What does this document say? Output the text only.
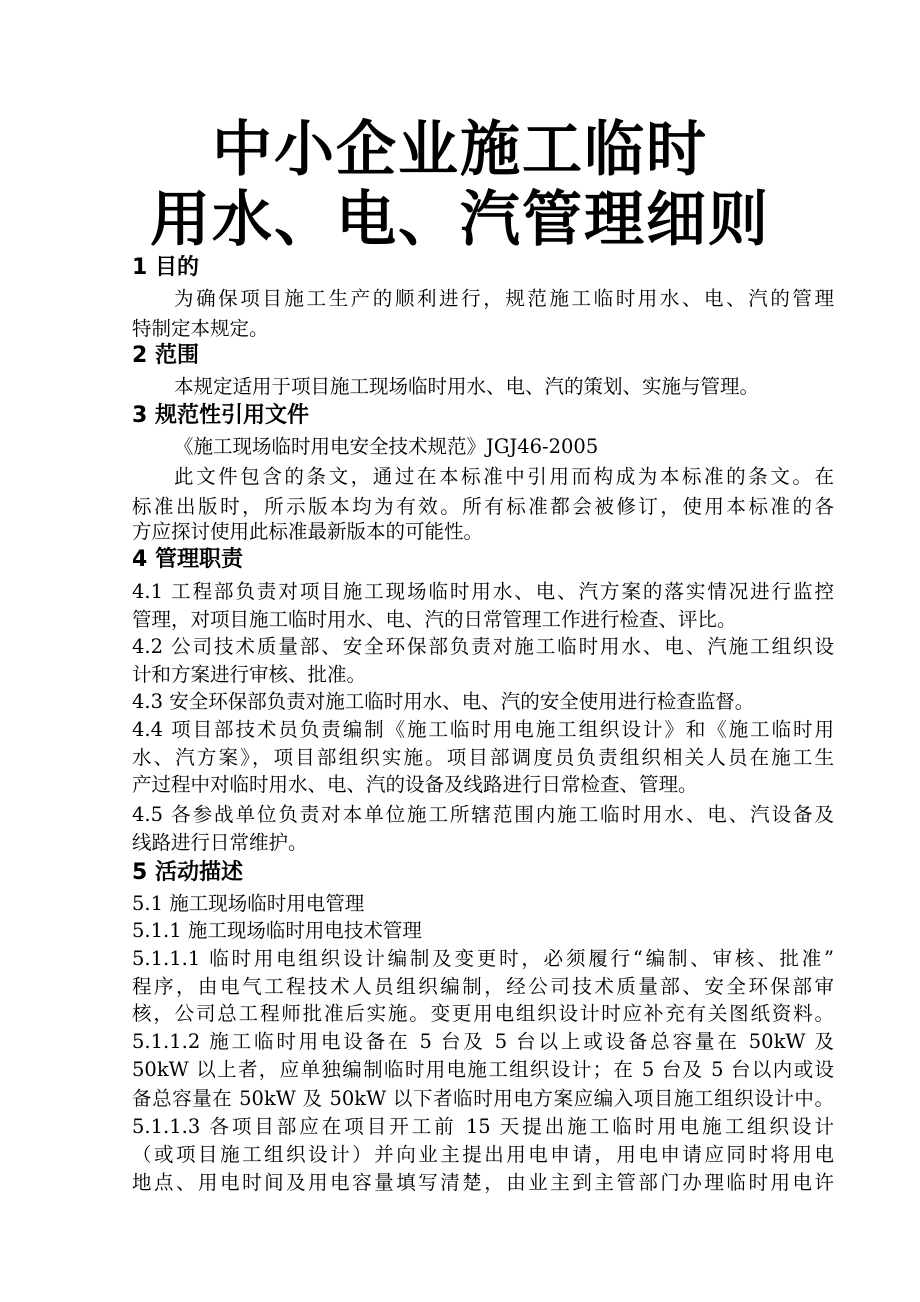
中小企业施工临时
用水、电、汽管理细则
1 目的
为确保项目施工生产的顺利进行，规范施工临时用水、电、汽的管理
特制定本规定。
2 范围
本规定适用于项目施工现场临时用水、电、汽的策划、实施与管理。
3 规范性引用文件
《施工现场临时用电安全技术规范》JGJ46-2005
此文件包含的条文，通过在本标准中引用而构成为本标准的条文。在
标准出版时，所示版本均为有效。所有标准都会被修订，使用本标准的各
方应探讨使用此标准最新版本的可能性。
4 管理职责
4.1 工程部负责对项目施工现场临时用水、电、汽方案的落实情况进行监控
管理，对项目施工临时用水、电、汽的日常管理工作进行检查、评比。
4.2 公司技术质量部、安全环保部负责对施工临时用水、电、汽施工组织设
计和方案进行审核、批准。
4.3 安全环保部负责对施工临时用水、电、汽的安全使用进行检查监督。
4.4 项目部技术员负责编制《施工临时用电施工组织设计》和《施工临时用
水、汽方案》，项目部组织实施。项目部调度员负责组织相关人员在施工生
产过程中对临时用水、电、汽的设备及线路进行日常检查、管理。
4.5 各参战单位负责对本单位施工所辖范围内施工临时用水、电、汽设备及
线路进行日常维护。
5 活动描述
5.1 施工现场临时用电管理
5.1.1 施工现场临时用电技术管理
5.1.1.1 临时用电组织设计编制及变更时，必须履行“编制、审核、批准”
程序，由电气工程技术人员组织编制，经公司技术质量部、安全环保部审
核，公司总工程师批准后实施。变更用电组织设计时应补充有关图纸资料。
5.1.1.2 施工临时用电设备在 5 台及 5 台以上或设备总容量在 50kW 及
50kW 以上者，应单独编制临时用电施工组织设计；在 5 台及 5 台以内或设
备总容量在 50kW 及 50kW 以下者临时用电方案应编入项目施工组织设计中。
5.1.1.3 各项目部应在项目开工前 15 天提出施工临时用电施工组织设计
（或项目施工组织设计）并向业主提出用电申请，用电申请应同时将用电
地点、用电时间及用电容量填写清楚，由业主到主管部门办理临时用电许
